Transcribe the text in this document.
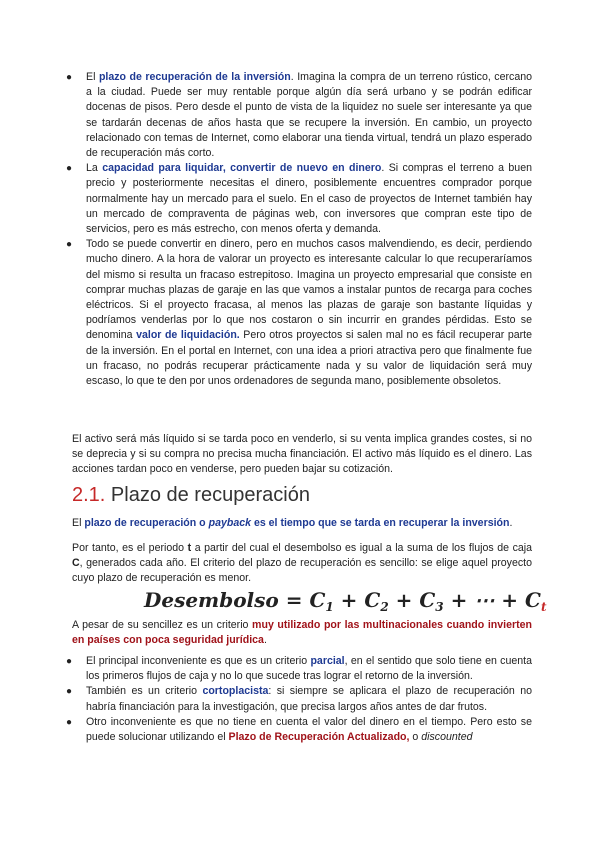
● El plazo de recuperación de la inversión. Imagina la compra de un terreno rústico, cercano a la ciudad. Puede ser muy rentable porque algún día será urbano y se podrán edificar docenas de pisos. Pero desde el punto de vista de la liquidez no suele ser interesante ya que se tardarán decenas de años hasta que se recupere la inversión. En cambio, un proyecto relacionado con temas de Internet, como elaborar una tienda virtual, tendrá un plazo esperado de recuperación más corto.
● La capacidad para liquidar, convertir de nuevo en dinero. Si compras el terreno a buen precio y posteriormente necesitas el dinero, posiblemente encuentres comprador porque normalmente hay un mercado para el suelo. En el caso de proyectos de Internet también hay un mercado de compraventa de páginas web, con inversores que compran este tipo de servicios, pero es más estrecho, con menos oferta y demanda.
● Todo se puede convertir en dinero, pero en muchos casos malvendiendo, es decir, perdiendo mucho dinero. A la hora de valorar un proyecto es interesante calcular lo que recuperaríamos del mismo si resulta un fracaso estrepitoso. Imagina un proyecto empresarial que consiste en comprar muchas plazas de garaje en las que vamos a instalar puntos de recarga para coches eléctricos. Si el proyecto fracasa, al menos las plazas de garaje son bastante líquidas y podríamos venderlas por lo que nos costaron o sin incurrir en grandes pérdidas. Esto se denomina valor de liquidación. Pero otros proyectos si salen mal no es fácil recuperar parte de la inversión. En el portal en Internet, con una idea a priori atractiva pero que finalmente fue un fracaso, no podrás recuperar prácticamente nada y su valor de liquidación será muy escaso, lo que te den por unos ordenadores de segunda mano, posiblemente obsoletos.
El activo será más líquido si se tarda poco en venderlo, si su venta implica grandes costes, si no se deprecia y si su compra no precisa mucha financiación. El activo más líquido es el dinero. Las acciones tardan poco en venderse, pero pueden bajar su cotización.
2.1. Plazo de recuperación
El plazo de recuperación o payback es el tiempo que se tarda en recuperar la inversión.
Por tanto, es el periodo t a partir del cual el desembolso es igual a la suma de los flujos de caja C, generados cada año. El criterio del plazo de recuperación es sencillo: se elige aquel proyecto cuyo plazo de recuperación es menor.
Desembolso = $C_1 + C_2 + C_3$ + ⋯ + $C_t$
A pesar de su sencillez es un criterio muy utilizado por las multinacionales cuando invierten en países con poca seguridad jurídica.
● El principal inconveniente es que es un criterio parcial, en el sentido que solo tiene en cuenta los primeros flujos de caja y no lo que sucede tras lograr el retorno de la inversión.
● También es un criterio cortoplacista: si siempre se aplicara el plazo de recuperación no habría financiación para la investigación, que precisa largos años antes de dar frutos.
● Otro inconveniente es que no tiene en cuenta el valor del dinero en el tiempo. Pero esto se puede solucionar utilizando el Plazo de Recuperación Actualizado, o discounted
